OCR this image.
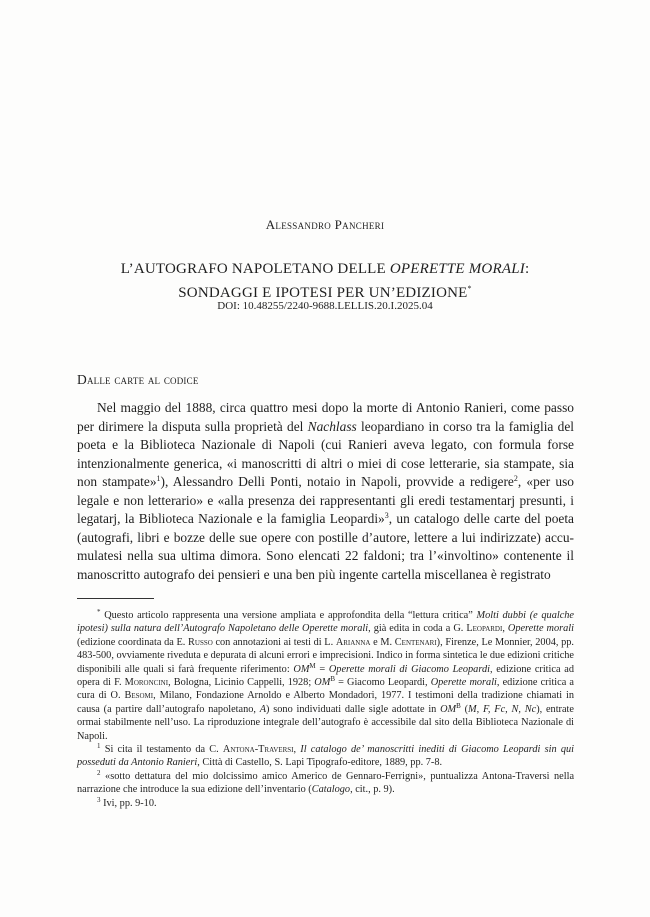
Alessandro Pancheri
L’AUTOGRAFO NAPOLETANO DELLE OPERETTE MORALI:
SONDAGGI E IPOTESI PER UN’EDIZIONE*
DOI: 10.48255/2240-9688.LELLIS.20.I.2025.04
Dalle carte al codice

Nel maggio del 1888, circa quattro mesi dopo la morte di Antonio Ranieri, come passo per dirimere la disputa sulla proprietà del Nachlass leopardiano in corso tra la famiglia del poeta e la Biblioteca Nazionale di Napoli (cui Ranieri aveva legato, con formula forse intenzionalmente generica, «i manoscritti di altri o miei di cose letterarie, sia stampate, sia non stampate»$^1$), Alessandro Delli Ponti, notaio in Napoli, provvide a redigere$^2$, «per uso legale e non letterario» e «alla presenza dei rappresentanti gli eredi testamentarj presunti, i legatarj, la Biblioteca Nazionale e la famiglia Leopardi»$^3$, un catalogo delle carte del poeta (autografi, libri e bozze delle sue opere con postille d’autore, lettere a lui indirizzate) accumulatesi nella sua ultima dimora. Sono elencati 22 faldoni; tra l’«involtino» contenente il manoscritto autografo dei pensieri e una ben più ingente cartella miscellanea è registrato

* Questo articolo rappresenta una versione ampliata e approfondita della “lettura critica” Molti dubbi (e qualche ipotesi) sulla natura dell’Autografo Napoletano delle Operette morali, già edita in coda a G. Leopardi, Operette morali (edizione coordinata da E. Russo con annotazioni ai testi di L. Arianna e M. Centenari), Firenze, Le Monnier, 2004, pp. 483-500, ovviamente riveduta e depurata di alcuni errori e imprecisioni. Indico in forma sintetica le due edizioni critiche disponibili alle quali si farà frequente riferimento: $OM^M$ = Operette morali di Giacomo Leopardi, edizione critica ad opera di F. Moroncini, Bologna, Licinio Cappelli, 1928; $OM^B$ = Giacomo Leopardi, Operette morali, edizione critica a cura di O. Besomi, Milano, Fondazione Arnoldo e Alberto Mondadori, 1977. I testimoni della tradizione chiamati in causa (a partire dall’autografo napoletano, A) sono individuati dalle sigle adottate in $OM^B$ (M, F, Fc, N, Nc), entrate ormai stabilmente nell’uso. La riproduzione integrale dell’autografo è accessibile dal sito della Biblioteca Nazionale di Napoli.

$^1$ Si cita il testamento da C. Antona-Traversi, Il catalogo de’ manoscritti inediti di Giacomo Leopardi sin qui posseduti da Antonio Ranieri, Città di Castello, S. Lapi Tipografo-editore, 1889, pp. 7-8.

$^2$ «sotto dettatura del mio dolcissimo amico Americo de Gennaro-Ferrigni», puntualizza Antona-Traversi nella narrazione che introduce la sua edizione dell’inventario (Catalogo, cit., p. 9).

$^3$ Ivi, pp. 9-10.
